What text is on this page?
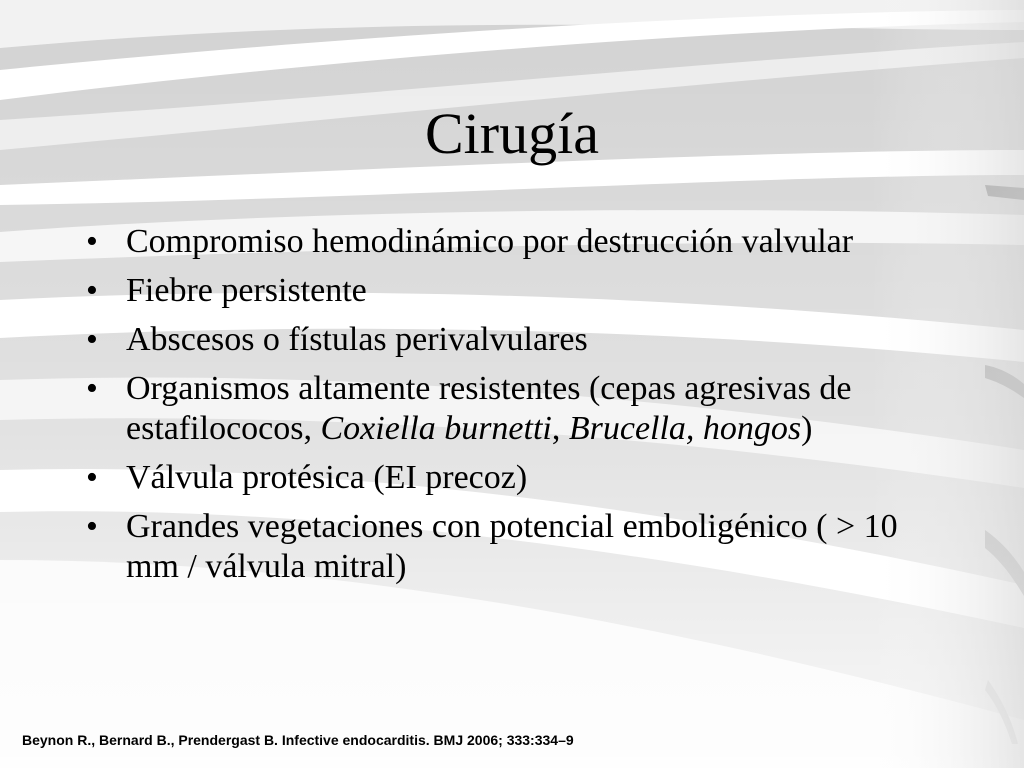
Cirugía
• Compromiso hemodinámico por destrucción valvular
• Fiebre persistente
• Abscesos o fístulas perivalvulares
• Organismos altamente resistentes (cepas agresivas de estafilococos, Coxiella burnetti, Brucella, hongos)
• Válvula protésica (EI precoz)
• Grandes vegetaciones con potencial emboligénico ( > 10 mm / válvula mitral)

Beynon R., Bernard B., Prendergast B. Infective endocarditis. BMJ 2006; 333:334–9
